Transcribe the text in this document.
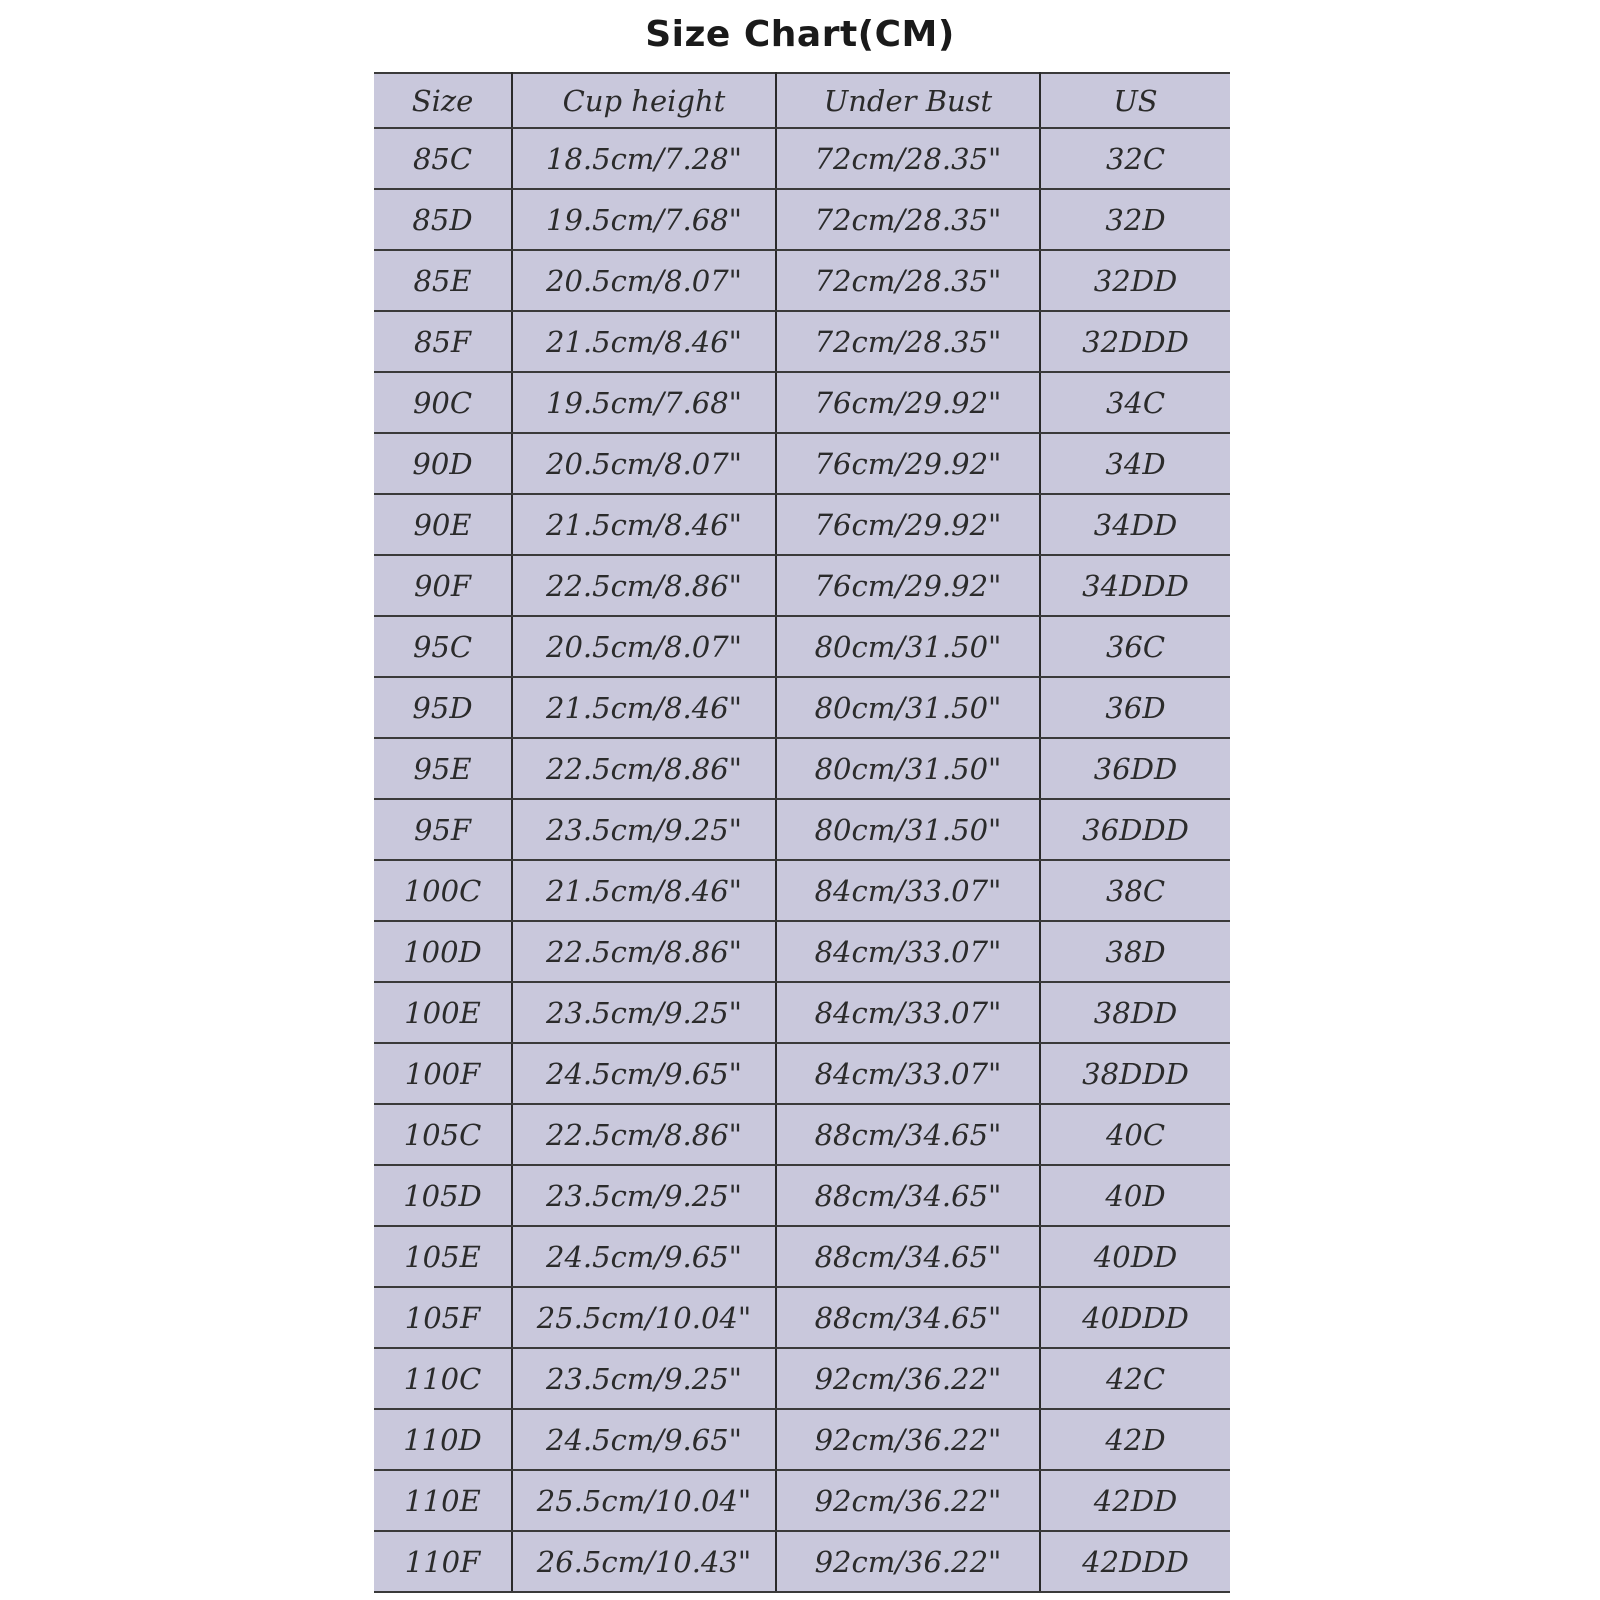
Size Chart(CM)
Size	Cup height	Under Bust	US
85C	18.5cm/7.28"	72cm/28.35"	32C
85D	19.5cm/7.68"	72cm/28.35"	32D
85E	20.5cm/8.07"	72cm/28.35"	32DD
85F	21.5cm/8.46"	72cm/28.35"	32DDD
90C	19.5cm/7.68"	76cm/29.92"	34C
90D	20.5cm/8.07"	76cm/29.92"	34D
90E	21.5cm/8.46"	76cm/29.92"	34DD
90F	22.5cm/8.86"	76cm/29.92"	34DDD
95C	20.5cm/8.07"	80cm/31.50"	36C
95D	21.5cm/8.46"	80cm/31.50"	36D
95E	22.5cm/8.86"	80cm/31.50"	36DD
95F	23.5cm/9.25"	80cm/31.50"	36DDD
100C	21.5cm/8.46"	84cm/33.07"	38C
100D	22.5cm/8.86"	84cm/33.07"	38D
100E	23.5cm/9.25"	84cm/33.07"	38DD
100F	24.5cm/9.65"	84cm/33.07"	38DDD
105C	22.5cm/8.86"	88cm/34.65"	40C
105D	23.5cm/9.25"	88cm/34.65"	40D
105E	24.5cm/9.65"	88cm/34.65"	40DD
105F	25.5cm/10.04"	88cm/34.65"	40DDD
110C	23.5cm/9.25"	92cm/36.22"	42C
110D	24.5cm/9.65"	92cm/36.22"	42D
110E	25.5cm/10.04"	92cm/36.22"	42DD
110F	26.5cm/10.43"	92cm/36.22"	42DDD
